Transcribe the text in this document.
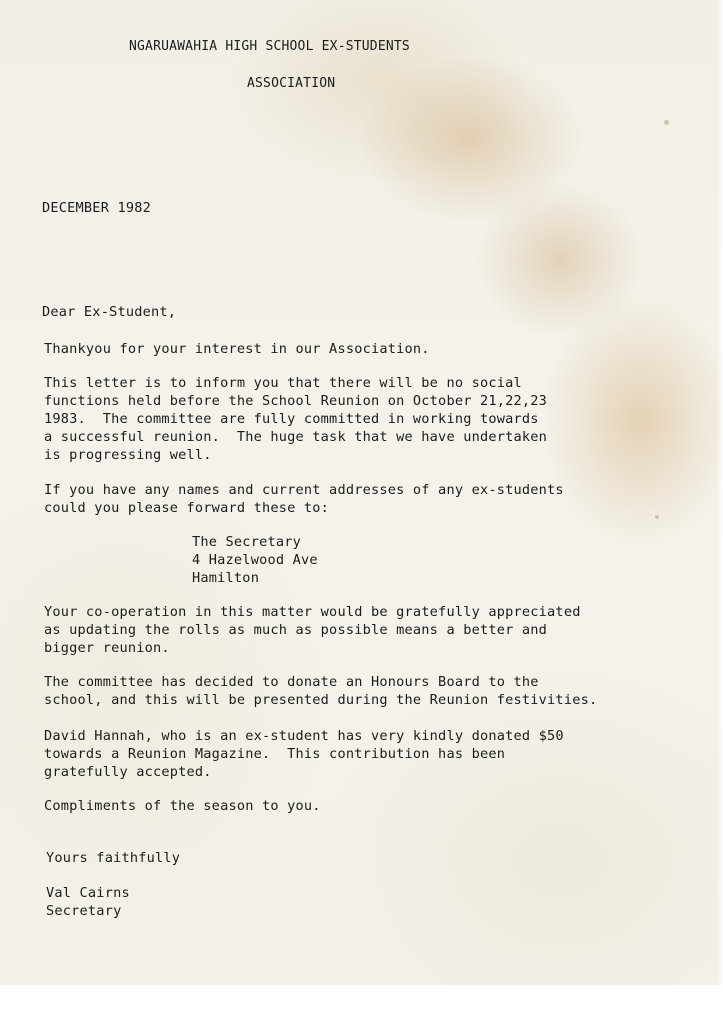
NGARUAWAHIA HIGH SCHOOL EX-STUDENTS
ASSOCIATION
DECEMBER 1982
Dear Ex-Student,
Thankyou for your interest in our Association.
This letter is to inform you that there will be no social
functions held before the School Reunion on October 21,22,23
1983.  The committee are fully committed in working towards
a successful reunion.  The huge task that we have undertaken
is progressing well.
If you have any names and current addresses of any ex-students
could you please forward these to:
The Secretary
4 Hazelwood Ave
Hamilton
Your co-operation in this matter would be gratefully appreciated
as updating the rolls as much as possible means a better and
bigger reunion.
The committee has decided to donate an Honours Board to the
school, and this will be presented during the Reunion festivities.
David Hannah, who is an ex-student has very kindly donated $50
towards a Reunion Magazine.  This contribution has been
gratefully accepted.
Compliments of the season to you.
Yours faithfully
Val Cairns
Secretary
